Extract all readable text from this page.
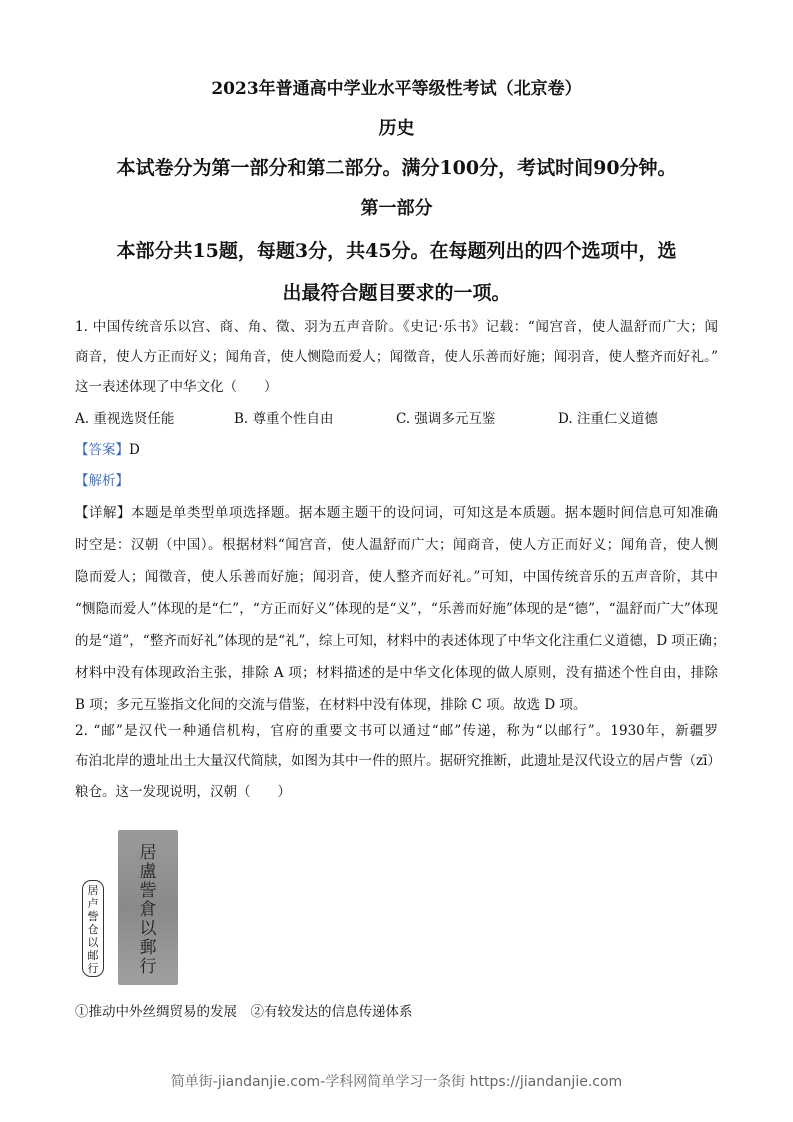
2023年普通高中学业水平等级性考试（北京卷）
历史
本试卷分为第一部分和第二部分。满分100分，考试时间90分钟。
第一部分
本部分共15题，每题3分，共45分。在每题列出的四个选项中，选
出最符合题目要求的一项。
1. 中国传统音乐以宫、商、角、徵、羽为五声音阶。《史记·乐书》记载：“闻宫音，使人温舒而广大；闻
商音，使人方正而好义；闻角音，使人恻隐而爱人；闻徵音，使人乐善而好施；闻羽音，使人整齐而好礼。”
这一表述体现了中华文化（　　）
A. 重视选贤任能	B. 尊重个性自由	C. 强调多元互鉴	D. 注重仁义道德
【答案】D
【解析】
【详解】本题是单类型单项选择题。据本题主题干的设问词，可知这是本质题。据本题时间信息可知准确
时空是：汉朝（中国）。根据材料“闻宫音，使人温舒而广大；闻商音，使人方正而好义；闻角音，使人恻
隐而爱人；闻徵音，使人乐善而好施；闻羽音，使人整齐而好礼。”可知，中国传统音乐的五声音阶，其中
“恻隐而爱人”体现的是“仁”，“方正而好义”体现的是“义”，“乐善而好施”体现的是“德”，“温舒而广大”体现
的是“道”，“整齐而好礼”体现的是“礼”，综上可知，材料中的表述体现了中华文化注重仁义道德，D 项正确；
材料中没有体现政治主张，排除 A 项；材料描述的是中华文化体现的做人原则，没有描述个性自由，排除
B 项；多元互鉴指文化间的交流与借鉴，在材料中没有体现，排除 C 项。故选 D 项。
2. “邮”是汉代一种通信机构，官府的重要文书可以通过“邮”传递，称为“以邮行”。1930年，新疆罗
布泊北岸的遗址出土大量汉代简牍，如图为其中一件的照片。据研究推断，此遗址是汉代设立的居卢訾（zī）
粮仓。这一发现说明，汉朝（　　）
居
盧
訾
倉
以
郵
行
居卢訾仓以邮行
①推动中外丝绸贸易的发展　②有较发达的信息传递体系
简单街-jiandanjie.com-学科网简单学习一条街 https://jiandanjie.com
